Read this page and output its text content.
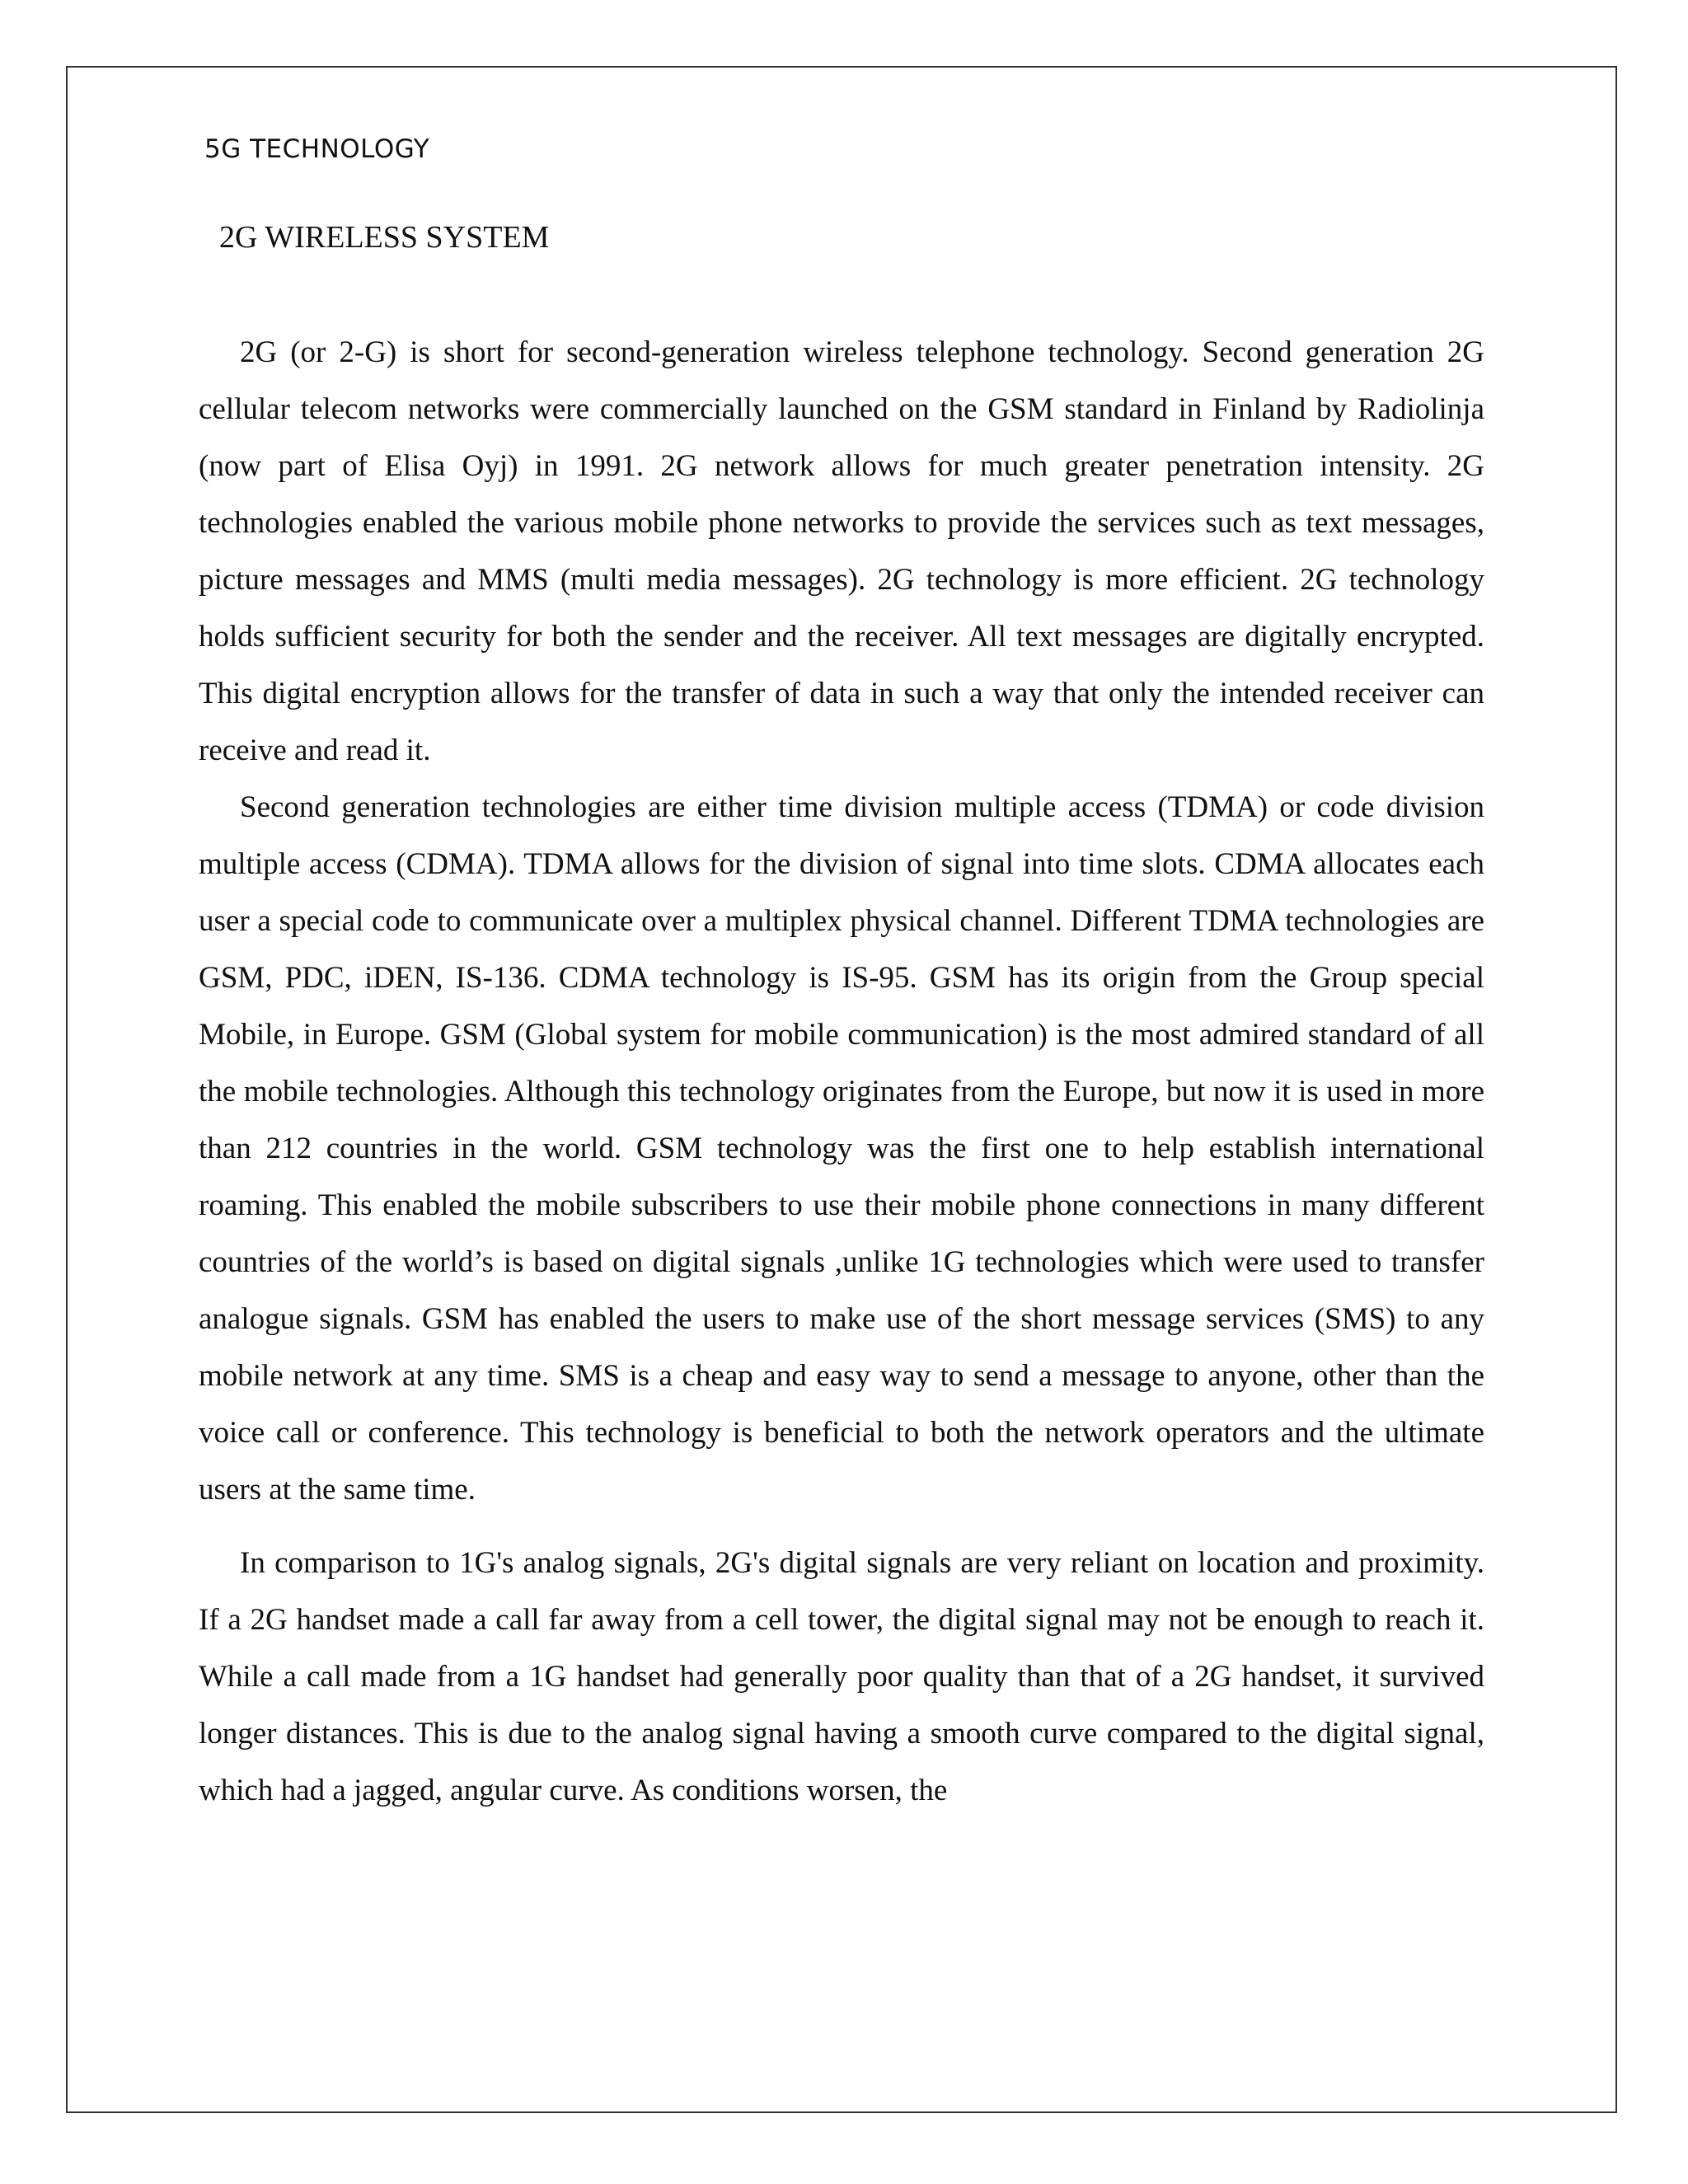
5G TECHNOLOGY
2G WIRELESS SYSTEM

2G (or 2-G) is short for second-generation wireless telephone technology. Second generation 2G cellular telecom networks were commercially launched on the GSM standard in Finland by Radiolinja (now part of Elisa Oyj) in 1991. 2G network allows for much greater penetration intensity. 2G technologies enabled the various mobile phone networks to provide the services such as text messages, picture messages and MMS (multi media messages). 2G technology is more efficient. 2G technology holds sufficient security for both the sender and the receiver. All text messages are digitally encrypted. This digital encryption allows for the transfer of data in such a way that only the intended receiver can receive and read it.

Second generation technologies are either time division multiple access (TDMA) or code division multiple access (CDMA). TDMA allows for the division of signal into time slots. CDMA allocates each user a special code to communicate over a multiplex physical channel. Different TDMA technologies are GSM, PDC, iDEN, IS-136. CDMA technology is IS-95. GSM has its origin from the Group special Mobile, in Europe. GSM (Global system for mobile communication) is the most admired standard of all the mobile technologies. Although this technology originates from the Europe, but now it is used in more than 212 countries in the world. GSM technology was the first one to help establish international roaming. This enabled the mobile subscribers to use their mobile phone connections in many different countries of the world’s is based on digital signals ,unlike 1G technologies which were used to transfer analogue signals. GSM has enabled the users to make use of the short message services (SMS) to any mobile network at any time. SMS is a cheap and easy way to send a message to anyone, other than the voice call or conference. This technology is beneficial to both the network operators and the ultimate users at the same time.

In comparison to 1G's analog signals, 2G's digital signals are very reliant on location and proximity. If a 2G handset made a call far away from a cell tower, the digital signal may not be enough to reach it. While a call made from a 1G handset had generally poor quality than that of a 2G handset, it survived longer distances. This is due to the analog signal having a smooth curve compared to the digital signal, which had a jagged, angular curve. As conditions worsen, the
